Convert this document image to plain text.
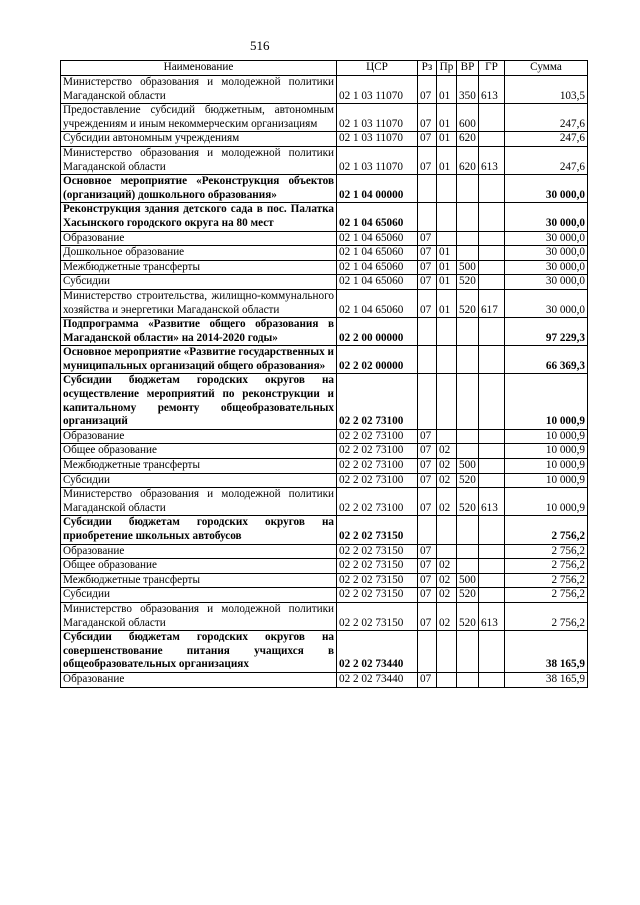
516
Наименование	ЦСР	Рз	Пр	ВР	ГР	Сумма
Министерство образования и молодежной политики Магаданской области	02 1 03 11070	07	01	350	613	103,5
Предоставление субсидий бюджетным, автономным учреждениям и иным некоммерческим организациям	02 1 03 11070	07	01	600		247,6
Субсидии автономным учреждениям	02 1 03 11070	07	01	620		247,6
Министерство образования и молодежной политики Магаданской области	02 1 03 11070	07	01	620	613	247,6
Основное мероприятие «Реконструкция объектов (организаций) дошкольного образования»	02 1 04 00000					30 000,0
Реконструкция здания детского сада в пос. Палатка Хасынского городского округа на 80 мест	02 1 04 65060					30 000,0
Образование	02 1 04 65060	07				30 000,0
Дошкольное образование	02 1 04 65060	07	01			30 000,0
Межбюджетные трансферты	02 1 04 65060	07	01	500		30 000,0
Субсидии	02 1 04 65060	07	01	520		30 000,0
Министерство строительства, жилищно-коммунального хозяйства и энергетики Магаданской области	02 1 04 65060	07	01	520	617	30 000,0
Подпрограмма «Развитие общего образования в Магаданской области» на 2014-2020 годы»	02 2 00 00000					97 229,3
Основное мероприятие «Развитие государственных и муниципальных организаций общего образования»	02 2 02 00000					66 369,3
Субсидии бюджетам городских округов на осуществление мероприятий по реконструкции и капитальному ремонту общеобразовательных организаций	02 2 02 73100					10 000,9
Образование	02 2 02 73100	07				10 000,9
Общее образование	02 2 02 73100	07	02			10 000,9
Межбюджетные трансферты	02 2 02 73100	07	02	500		10 000,9
Субсидии	02 2 02 73100	07	02	520		10 000,9
Министерство образования и молодежной политики Магаданской области	02 2 02 73100	07	02	520	613	10 000,9
Субсидии бюджетам городских округов на приобретение школьных автобусов	02 2 02 73150					2 756,2
Образование	02 2 02 73150	07				2 756,2
Общее образование	02 2 02 73150	07	02			2 756,2
Межбюджетные трансферты	02 2 02 73150	07	02	500		2 756,2
Субсидии	02 2 02 73150	07	02	520		2 756,2
Министерство образования и молодежной политики Магаданской области	02 2 02 73150	07	02	520	613	2 756,2
Субсидии бюджетам городских округов на совершенствование питания учащихся в общеобразовательных организациях	02 2 02 73440					38 165,9
Образование	02 2 02 73440	07				38 165,9
